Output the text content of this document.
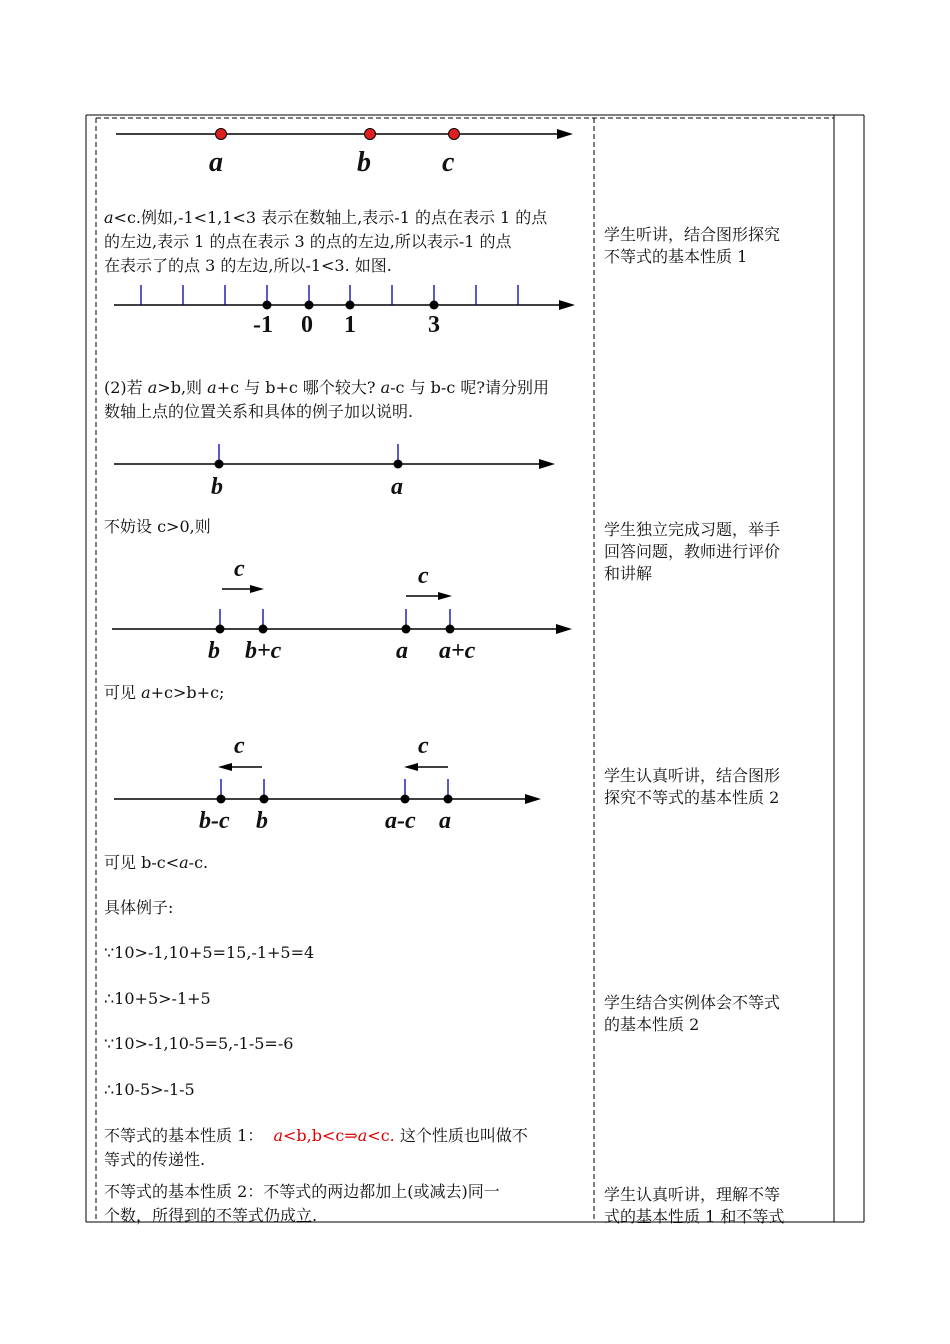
a	b	c
a<c.例如,-1<1,1<3 表示在数轴上,表示-1 的点在表示 1 的点
的左边,表示 1 的点在表示 3 的点的左边,所以表示-1 的点
在表示了的点 3 的左边,所以-1<3. 如图.
-1 0 1	3
(2)若 a>b,则 a+c 与 b+c 哪个较大? a-c 与 b-c 呢?请分别用
数轴上点的位置关系和具体的例子加以说明.
b	a
不妨设 c>0,则
c	c
b b+c	a a+c
可见 a+c>b+c;
c	c
b-c b	a-c a
可见 b-c<a-c.
具体例子:
∵10>-1,10+5=15,-1+5=4
∴10+5>-1+5
∵10>-1,10-5=5,-1-5=-6
∴10-5>-1-5
不等式的基本性质 1： a<b,b<c⇒a<c. 这个性质也叫做不
等式的传递性.
不等式的基本性质 2：不等式的两边都加上(或减去)同一
个数，所得到的不等式仍成立.
学生听讲，结合图形探究
不等式的基本性质 1
学生独立完成习题，举手
回答问题，教师进行评价
和讲解
学生认真听讲，结合图形
探究不等式的基本性质 2
学生结合实例体会不等式
的基本性质 2
学生认真听讲，理解不等
式的基本性质 1 和不等式
